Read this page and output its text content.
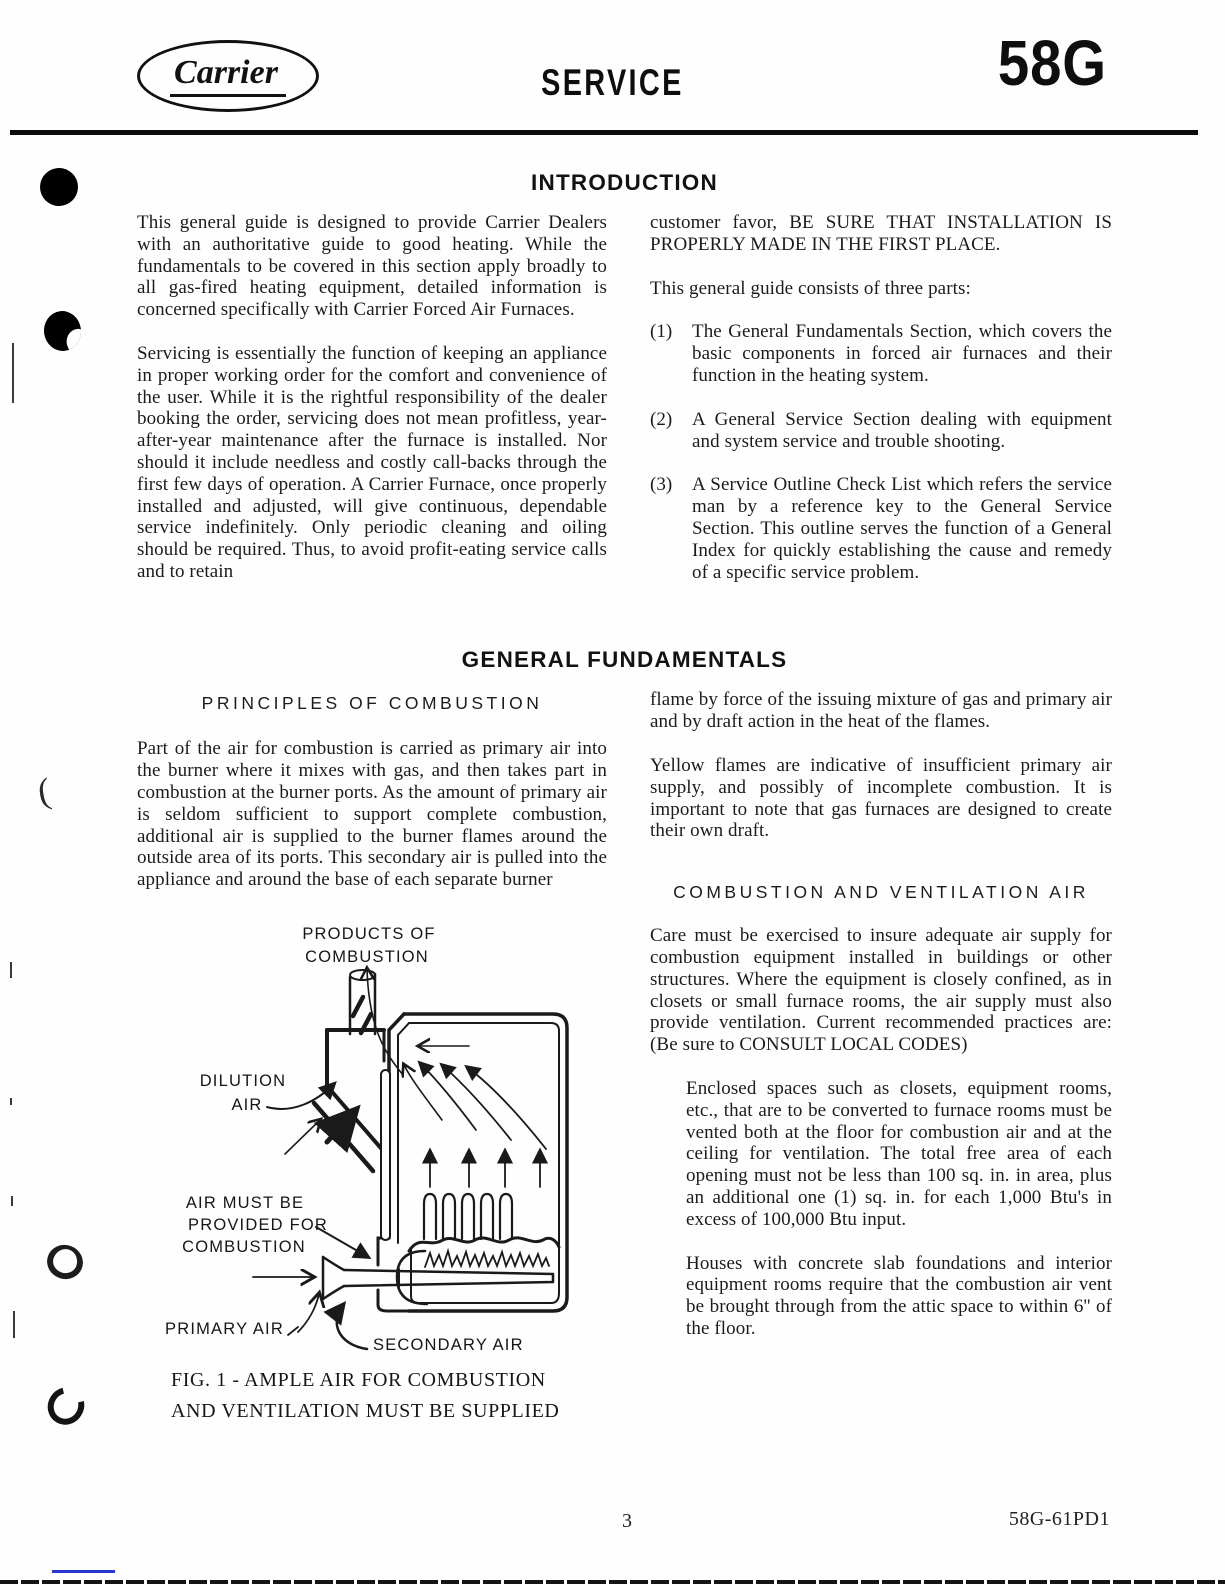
(
Carrier	SERVICE	58G
INTRODUCTION

This general guide is designed to provide Carrier Dealers with an authoritative guide to good heating. While the fundamentals to be covered in this section apply broadly to all gas-fired heating equipment, detailed information is concerned specifically with Carrier Forced Air Furnaces.

Servicing is essentially the function of keeping an appliance in proper working order for the comfort and convenience of the user. While it is the rightful responsibility of the dealer booking the order, servicing does not mean profitless, year-after-year maintenance after the furnace is installed. Nor should it include needless and costly call-backs through the first few days of operation. A Carrier Furnace, once properly installed and adjusted, will give continuous, dependable service indefinitely. Only periodic cleaning and oiling should be required. Thus, to avoid profit-eating service calls and to retain

customer favor, BE SURE THAT INSTALLATION IS PROPERLY MADE IN THE FIRST PLACE.

This general guide consists of three parts:

(1)	The General Fundamentals Section, which covers the basic components in forced air furnaces and their function in the heating system.

(2)	A General Service Section dealing with equipment and system service and trouble shooting.

(3)	A Service Outline Check List which refers the service man by a reference key to the General Service Section. This outline serves the function of a General Index for quickly establishing the cause and remedy of a specific service problem.

GENERAL FUNDAMENTALS
PRINCIPLES OF COMBUSTION

Part of the air for combustion is carried as primary air into the burner where it mixes with gas, and then takes part in combustion at the burner ports. As the amount of primary air is seldom sufficient to support complete combustion, additional air is supplied to the burner flames around the outside area of its ports. This secondary air is pulled into the appliance and around the base of each separate burner

PRODUCTS OF
COMBUSTION
DILUTION
AIR
AIR MUST BE
PROVIDED FOR
COMBUSTION
PRIMARY AIR
SECONDARY AIR
FIG. 1 - AMPLE AIR FOR COMBUSTION
AND VENTILATION MUST BE SUPPLIED

flame by force of the issuing mixture of gas and primary air and by draft action in the heat of the flames.

Yellow flames are indicative of insufficient primary air supply, and possibly of incomplete combustion. It is important to note that gas furnaces are designed to create their own draft.

COMBUSTION AND VENTILATION AIR

Care must be exercised to insure adequate air supply for combustion equipment installed in buildings or other structures. Where the equipment is closely confined, as in closets or small furnace rooms, the air supply must also provide ventilation. Current recommended practices are: (Be sure to CONSULT LOCAL CODES)

Enclosed spaces such as closets, equipment rooms, etc., that are to be converted to furnace rooms must be vented both at the floor for combustion air and at the ceiling for ventilation. The total free area of each opening must not be less than 100 sq. in. in area, plus an additional one (1) sq. in. for each 1,000 Btu's in excess of 100,000 Btu input.

Houses with concrete slab foundations and interior equipment rooms require that the combustion air vent be brought through from the attic space to within 6'' of the floor.

3	58G-61PD1
